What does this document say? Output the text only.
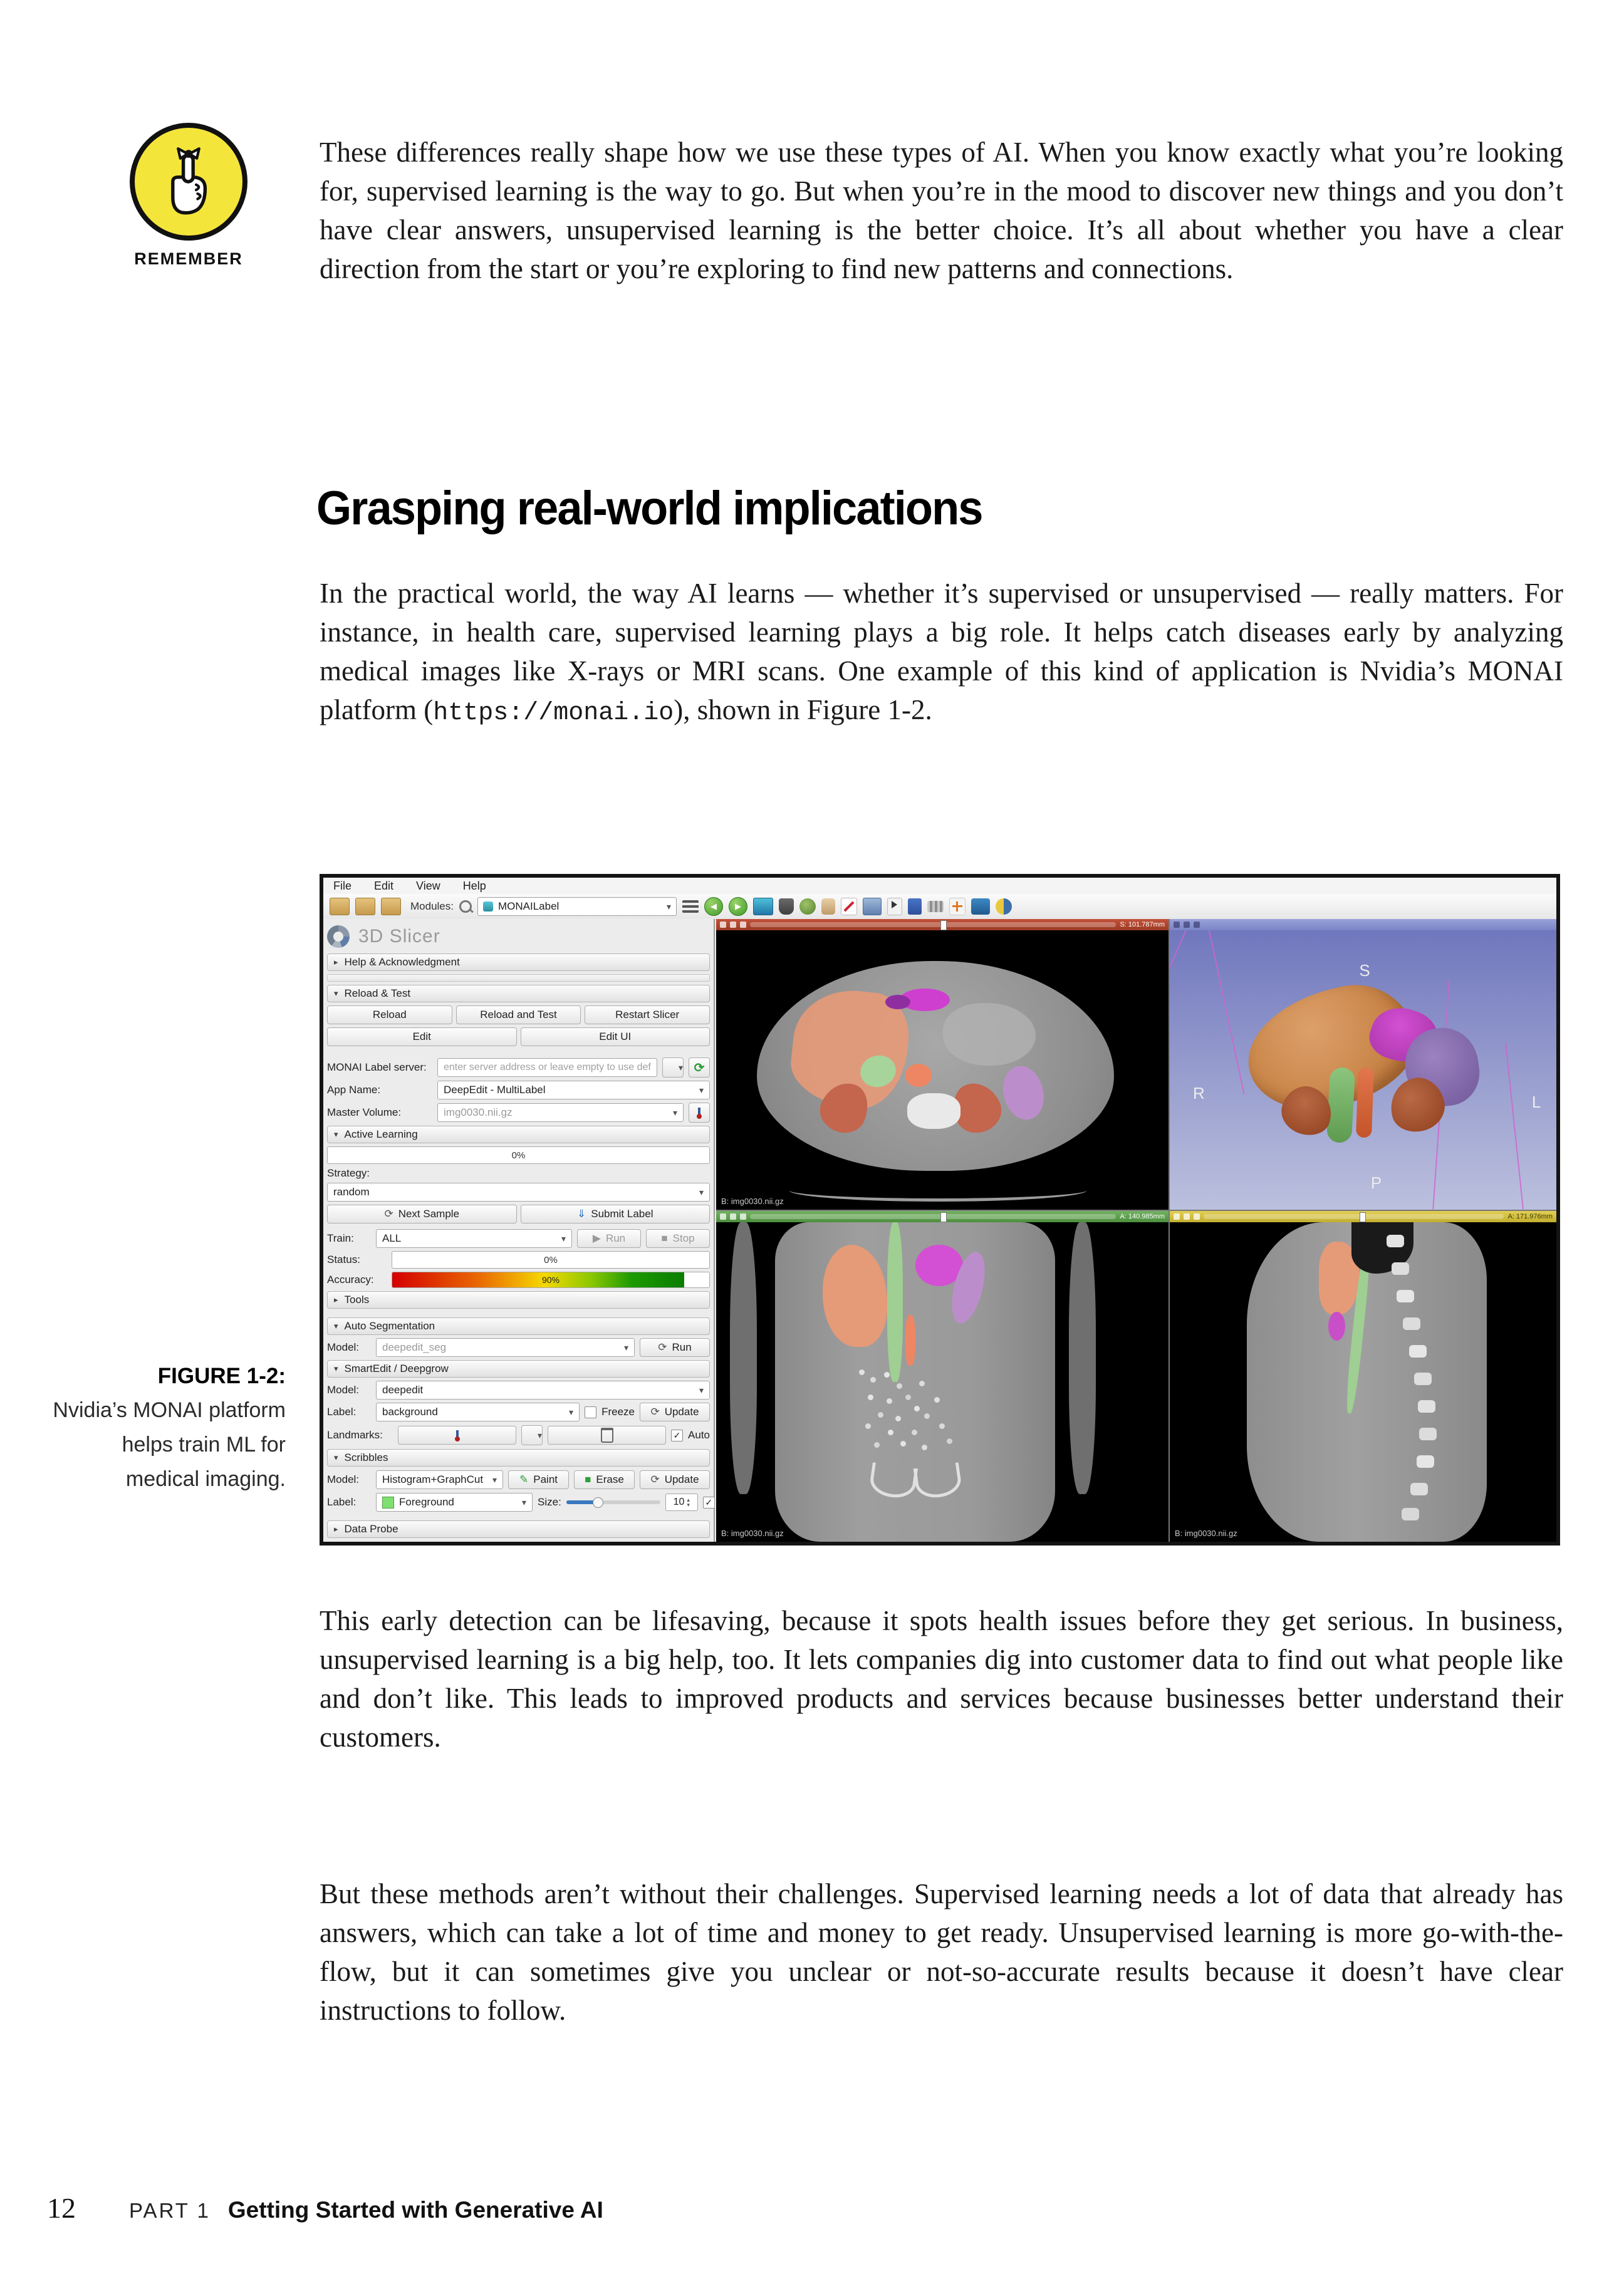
REMEMBER

These differences really shape how we use these types of AI. When you know exactly what you’re looking for, supervised learning is the way to go. But when you’re in the mood to discover new things and you don’t have clear answers, unsupervised learning is the better choice. It’s all about whether you have a clear direction from the start or you’re exploring to find new patterns and connections.

Grasping real-world implications

In the practical world, the way AI learns — whether it’s supervised or unsupervised — really matters. For instance, in health care, supervised learning plays a big role. It helps catch diseases early by analyzing medical images like X-rays or MRI scans. One example of this kind of application is Nvidia’s MONAI platform (https://monai.io), shown in Figure 1-2.

File Edit View Help
Modules:	MONAILabel	▾	◀	▶
3D Slicer
▸ Help & Acknowledgment
▾ Reload & Test
Reload	Reload and Test	Restart Slicer
Edit	Edit UI
MONAI Label server:
enter server address or leave empty to use default	▾ ⟳
App Name:	DeepEdit - MultiLabel	▾
Master Volume:	img0030.nii.gz	▾
▾ Active Learning
0%
Strategy:
random	▾
⟳ Next Sample	⇓ Submit Label
Train:	ALL	▾	▶ Run	■ Stop
Status:	0%
Accuracy:	90%
▸ Tools
▾ Auto Segmentation
Model:	deepedit_seg	▾	⟳ Run
▾ SmartEdit / Deepgrow
Model:	deepedit	▾
Label:	background	▾	Freeze ⟳ Update
Landmarks:	▾	✓ Auto
▾ Scribbles
Model:	Histogram+GraphCut ▾ ✎ Paint	■ Erase	⟳ Update
Label:	Foreground	▾ Size:	10 ▴
▾ ✓
▸ Data Probe
S: 101.787mm
B: img0030.nii.gz
S
R	L
P
A: 140.985mm
B: img0030.nii.gz
A: 171.976mm
B: img0030.nii.gz
FIGURE 1-2:
Nvidia’s MONAI platform helps train ML for medical imaging.

This early detection can be lifesaving, because it spots health issues before they get serious. In business, unsupervised learning is a big help, too. It lets companies dig into customer data to find out what people like and don’t like. This leads to improved products and services because businesses better understand their customers.

But these methods aren’t without their challenges. Supervised learning needs a lot of data that already has answers, which can take a lot of time and money to get ready. Unsupervised learning is more go-with-the-flow, but it can sometimes give you unclear or not-so-accurate results because it doesn’t have clear instructions to follow.

12	PART 1 Getting Started with Generative AI
